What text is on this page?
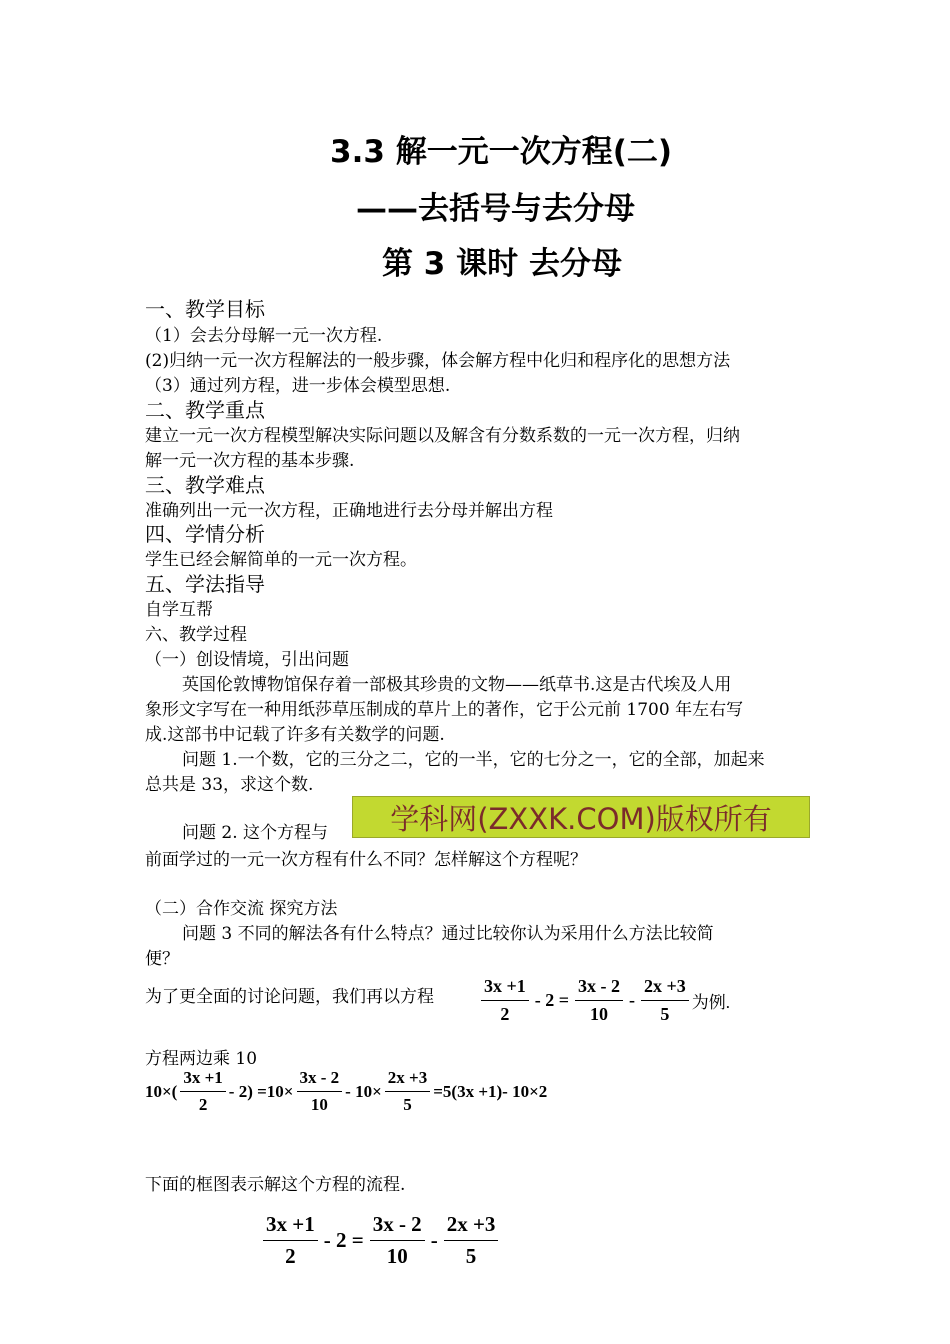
3.3 解一元一次方程(二)
——去括号与去分母
第 3 课时 去分母
一、教学目标
（1）会去分母解一元一次方程.
(2)归纳一元一次方程解法的一般步骤，体会解方程中化归和程序化的思想方法
（3）通过列方程，进一步体会模型思想.
二、教学重点
建立一元一次方程模型解决实际问题以及解含有分数系数的一元一次方程，归纳
解一元一次方程的基本步骤.
三、教学难点
准确列出一元一次方程，正确地进行去分母并解出方程
四、学情分析
学生已经会解简单的一元一次方程。
五、学法指导
自学互帮
六、教学过程
（一）创设情境，引出问题
英国伦敦博物馆保存着一部极其珍贵的文物——纸草书.这是古代埃及人用
象形文字写在一种用纸莎草压制成的草片上的著作，它于公元前 1700 年左右写
成.这部书中记载了许多有关数学的问题.
问题 1.一个数，它的三分之二，它的一半，它的七分之一，它的全部，加起来
总共是 33，求这个数.
问题 2. 这个方程与	学科网(ZXXK.COM)版权所有
前面学过的一元一次方程有什么不同？怎样解这个方程呢？
（二）合作交流 探究方法
问题 3 不同的解法各有什么特点？通过比较你认为采用什么方法比较简
便？
为了更全面的讨论问题，我们再以方程	$\frac{3x +1}{2} - 2 = \frac{3x - 2}{10} - \frac{2x +3}{5}$ 为例.
方程两边乘 10
$10\times( \frac{3x +1}{2} - 2) =10\times \frac{3x - 2}{10} - 10\times \frac{2x +3}{5} =5(3x +1)-$ 10×2
下面的框图表示解这个方程的流程.
$\frac{3x +1}{2} - 2 = \frac{3x - 2}{10} - \frac{2x +3}{5}$
